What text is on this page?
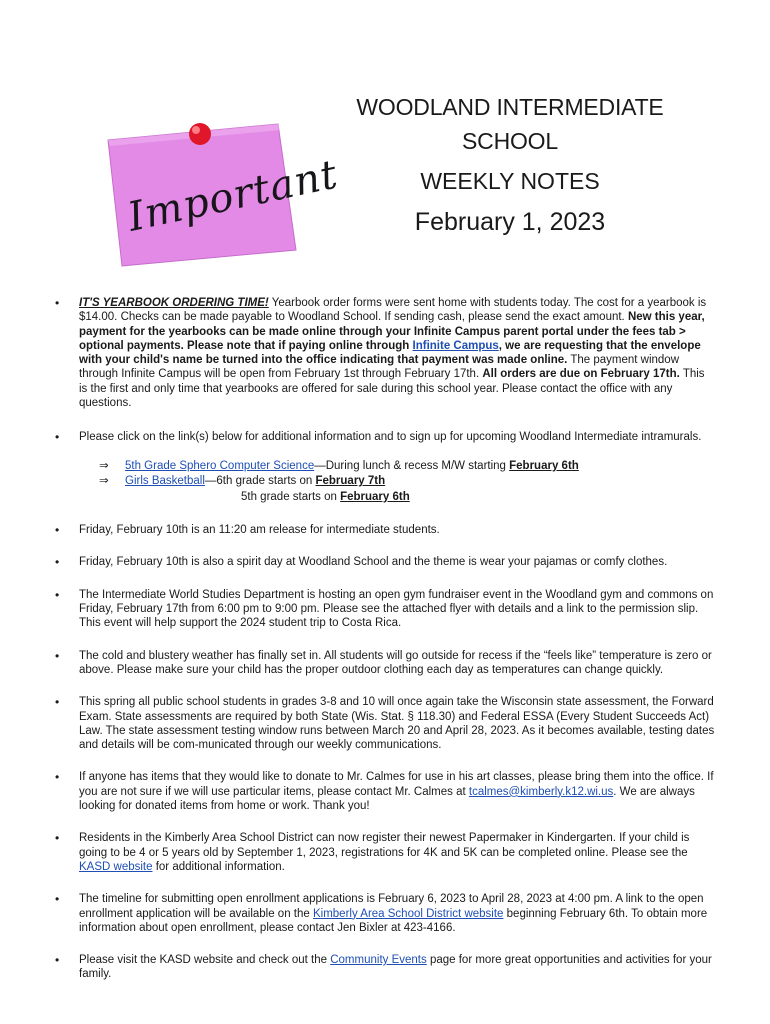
Important
WOODLAND INTERMEDIATE
SCHOOL
WEEKLY NOTES
February 1, 2023

• IT'S YEARBOOK ORDERING TIME! Yearbook order forms were sent home with students today. The cost for a yearbook is $14.00. Checks can be made payable to Woodland School. If sending cash, please send the exact amount. New this year, payment for the yearbooks can be made online through your Infinite Campus parent portal under the fees tab > optional payments. Please note that if paying online through Infinite Campus, we are requesting that the envelope with your child's name be turned into the office indicating that payment was made online. The payment window through Infinite Campus will be open from February 1st through February 17th. All orders are due on February 17th. This is the first and only time that yearbooks are offered for sale during this school year. Please contact the office with any questions.

• Please click on the link(s) below for additional information and to sign up for upcoming Woodland Intermediate intramurals.

⇒ 5th Grade Sphero Computer Science—During lunch & recess M/W starting February 6th
⇒ Girls Basketball—6th grade starts on February 7th
5th grade starts on February 6th

• Friday, February 10th is an 11:20 am release for intermediate students.

• Friday, February 10th is also a spirit day at Woodland School and the theme is wear your pajamas or comfy clothes.

• The Intermediate World Studies Department is hosting an open gym fundraiser event in the Woodland gym and commons on Friday, February 17th from 6:00 pm to 9:00 pm. Please see the attached flyer with details and a link to the permission slip. This event will help support the 2024 student trip to Costa Rica.

• The cold and blustery weather has finally set in. All students will go outside for recess if the “feels like” temperature is zero or above. Please make sure your child has the proper outdoor clothing each day as temperatures can change quickly.

• This spring all public school students in grades 3-8 and 10 will once again take the Wisconsin state assessment, the Forward Exam. State assessments are required by both State (Wis. Stat. § 118.30) and Federal ESSA (Every Student Succeeds Act) Law. The state assessment testing window runs between March 20 and April 28, 2023. As it becomes available, testing dates and details will be com-municated through our weekly communications.

• If anyone has items that they would like to donate to Mr. Calmes for use in his art classes, please bring them into the office. If you are not sure if we will use particular items, please contact Mr. Calmes at tcalmes@kimberly.k12.wi.us. We are always looking for donated items from home or work. Thank you!

• Residents in the Kimberly Area School District can now register their newest Papermaker in Kindergarten. If your child is going to be 4 or 5 years old by September 1, 2023, registrations for 4K and 5K can be completed online. Please see the KASD website for additional information.

• The timeline for submitting open enrollment applications is February 6, 2023 to April 28, 2023 at 4:00 pm. A link to the open enrollment application will be available on the Kimberly Area School District website beginning February 6th. To obtain more information about open enrollment, please contact Jen Bixler at 423-4166.

• Please visit the KASD website and check out the Community Events page for more great opportunities and activities for your family.
